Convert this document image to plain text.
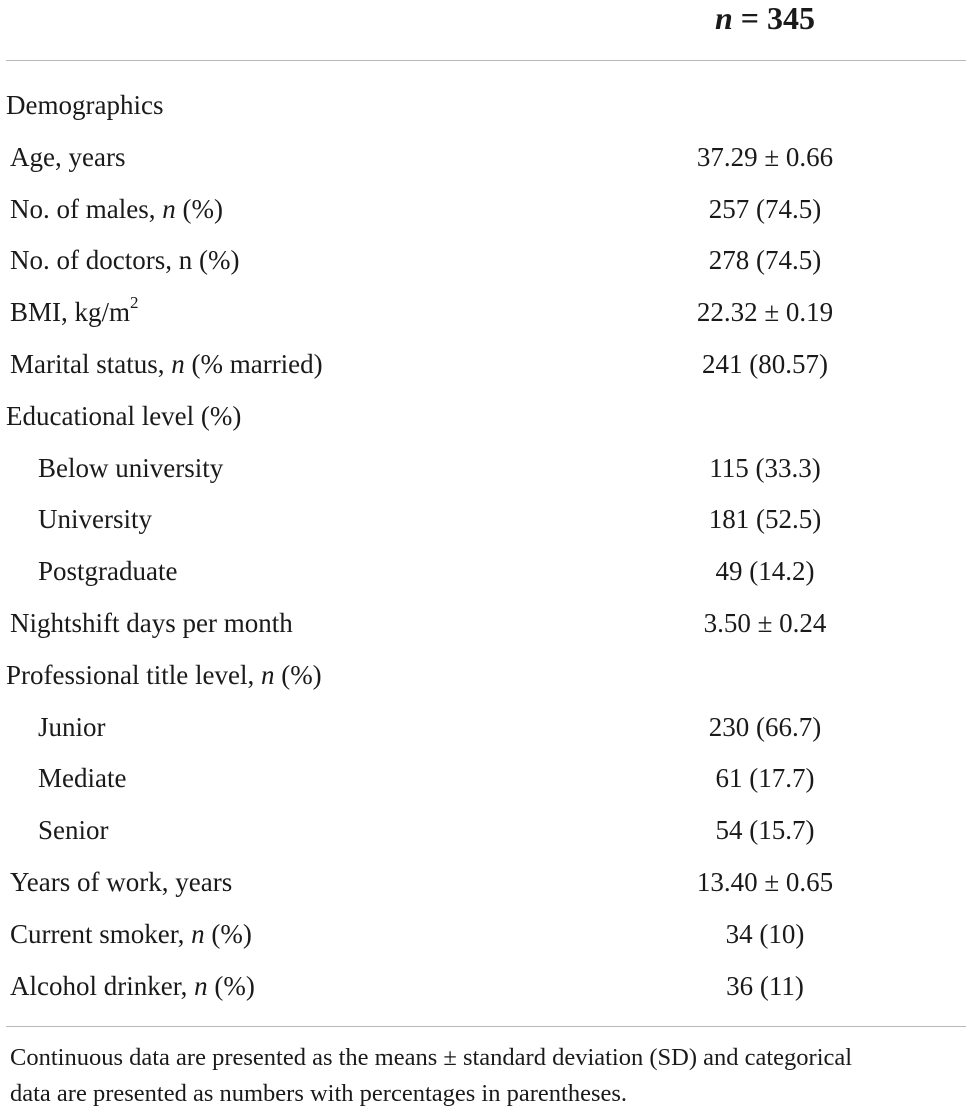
n = 345
Demographics
Age, years	37.29 ± 0.66
No. of males, n (%)	257 (74.5)
No. of doctors, n (%)	278 (74.5)
BMI, $kg/m^2$	22.32 ± 0.19
Marital status, n (% married)	241 (80.57)
Educational level (%)
Below university	115 (33.3)
University	181 (52.5)
Postgraduate	49 (14.2)
Nightshift days per month	3.50 ± 0.24
Professional title level, n (%)
Junior	230 (66.7)
Mediate	61 (17.7)
Senior	54 (15.7)
Years of work, years	13.40 ± 0.65
Current smoker, n (%)	34 (10)
Alcohol drinker, n (%)	36 (11)
Continuous data are presented as the means ± standard deviation (SD) and categorical
data are presented as numbers with percentages in parentheses.
